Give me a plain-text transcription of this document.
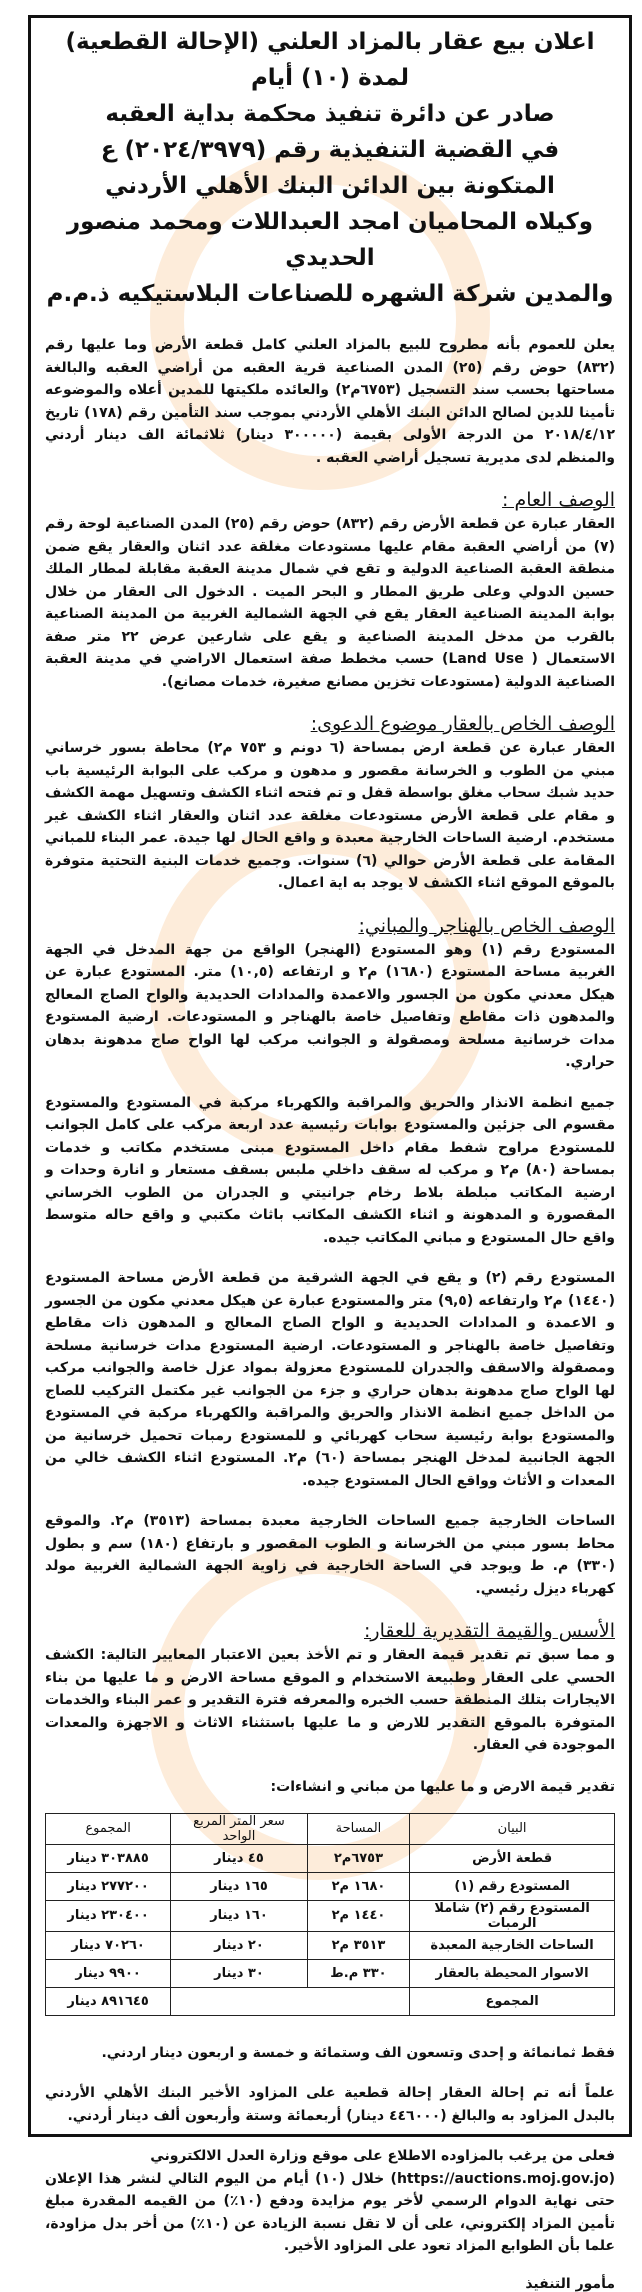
اعلان بيع عقار بالمزاد العلني (الإحالة القطعية) لمدة (١٠) أيام
صادر عن دائرة تنفيذ محكمة بداية العقبه
في القضية التنفيذية رقم (٢٠٢٤/٣٩٧٩) ع
المتكونة بين الدائن البنك الأهلي الأردني
وكيلاه المحاميان امجد العبداللات ومحمد منصور الحديدي
والمدين شركة الشهره للصناعات البلاستيكيه ذ.م.م

يعلن للعموم بأنه مطروح للبيع بالمزاد العلني كامل قطعة الأرض وما عليها رقم (٨٣٢) حوض رقم (٢٥) المدن الصناعية قرية العقبه من أراضي العقبه والبالغة مساحتها بحسب سند التسجيل (٦٧٥٣م٢) والعائده ملكيتها للمدين أعلاه والموضوعه تأمينا للدين لصالح الدائن البنك الأهلي الأردني بموجب سند التأمين رقم (١٧٨) تاريخ ٢٠١٨/٤/١٢ من الدرجة الأولى بقيمة (٣٠٠٠٠٠ دينار) ثلاثمائة الف دينار أردني والمنظم لدى مديرية تسجيل أراضي العقبه .

الوصف العام :

العقار عبارة عن قطعة الأرض رقم (٨٣٢) حوض رقم (٢٥) المدن الصناعية لوحة رقم (٧) من أراضي العقبة مقام عليها مستودعات مغلقة عدد اثنان والعقار يقع ضمن منطقة العقبة الصناعية الدولية و تقع في شمال مدينة العقبة مقابلة لمطار الملك حسين الدولي وعلى طريق المطار و البحر الميت . الدخول الى العقار من خلال بوابة المدينة الصناعية العقار يقع في الجهة الشمالية الغربية من المدينة الصناعية بالقرب من مدخل المدينة الصناعية و يقع على شارعين عرض ٢٢ متر صفة الاستعمال ( Land Use) حسب مخطط صفة استعمال الاراضي في مدينة العقبة الصناعية الدولية (مستودعات تخزين مصانع صغيرة، خدمات مصانع).

الوصف الخاص بالعقار موضوع الدعوى:

العقار عبارة عن قطعة ارض بمساحة (٦ دونم و ٧٥٣ م٢) محاطة بسور خرساني مبني من الطوب و الخرسانة مقصور و مدهون و مركب على البوابة الرئيسية باب حديد شبك سحاب مغلق بواسطة قفل و تم فتحه اثناء الكشف وتسهيل مهمة الكشف و مقام على قطعة الأرض مستودعات مغلقة عدد اثنان والعقار اثناء الكشف غير مستخدم. ارضية الساحات الخارجية معبدة و واقع الحال لها جيدة. عمر البناء للمباني المقامة على قطعة الأرض حوالي (٦) سنوات. وجميع خدمات البنية التحتية متوفرة بالموقع الموقع اثناء الكشف لا يوجد به اية اعمال.

الوصف الخاص بالهناجر والمباني:

المستودع رقم (١) وهو المستودع (الهنجر) الواقع من جهة المدخل في الجهة الغربية مساحة المستودع (١٦٨٠) م٢ و ارتفاعه (١٠,٥) متر. المستودع عبارة عن هيكل معدني مكون من الجسور والاعمدة والمدادات الحديدية والواح الصاج المعالج والمدهون ذات مقاطع وتفاصيل خاصة بالهناجر و المستودعات. ارضية المستودع مدات خرسانية مسلحة ومصقولة و الجوانب مركب لها الواح صاج مدهونة بدهان حراري.

جميع انظمة الانذار والحريق والمراقبة والكهرباء مركبة في المستودع والمستودع مقسوم الى جزئين والمستودع بوابات رئيسية عدد اربعة مركب على كامل الجوانب للمستودع مراوح شفط مقام داخل المستودع مبنى مستخدم مكاتب و خدمات بمساحة (٨٠) م٢ و مركب له سقف داخلي ملبس بسقف مستعار و انارة وحدات و ارضية المكاتب مبلطة بلاط رخام جرانيتي و الجدران من الطوب الخرساني المقصورة و المدهونة و اثناء الكشف المكاتب باثاث مكتبي و واقع حاله متوسط واقع حال المستودع و مباني المكاتب جيده.

المستودع رقم (٢) و يقع في الجهة الشرقية من قطعة الأرض مساحة المستودع (١٤٤٠) م٢ وارتفاعه (٩,٥) متر والمستودع عبارة عن هيكل معدني مكون من الجسور و الاعمدة و المدادات الحديدية و الواح الصاج المعالج و المدهون ذات مقاطع وتفاصيل خاصة بالهناجر و المستودعات. ارضية المستودع مدات خرسانية مسلحة ومصقولة والاسقف والجدران للمستودع معزولة بمواد عزل خاصة والجوانب مركب لها الواح صاج مدهونة بدهان حراري و جزء من الجوانب غير مكتمل التركيب للصاج من الداخل جميع انظمة الانذار والحريق والمراقبة والكهرباء مركبة في المستودع والمستودع بوابة رئيسية سحاب كهربائي و للمستودع رمبات تحميل خرسانية من الجهة الجانبية لمدخل الهنجر بمساحة (٦٠) م٢. المستودع اثناء الكشف خالي من المعدات و الأثاث وواقع الحال المستودع جيده.

الساحات الخارجية جميع الساحات الخارجية معبدة بمساحة (٣٥١٣) م٢. والموقع محاط بسور مبني من الخرسانة و الطوب المقصور و بارتفاع (١٨٠) سم و بطول (٣٣٠) م. ط ويوجد في الساحة الخارجية في زاوية الجهة الشمالية الغربية مولد كهرباء ديزل رئيسي.

الأسس والقيمة التقديرية للعقار:

و مما سبق تم تقدير قيمة العقار و تم الأخذ بعين الاعتبار المعايير التالية: الكشف الحسي على العقار وطبيعة الاستخدام و الموقع مساحة الارض و ما عليها من بناء الايجارات بتلك المنطقة حسب الخبره والمعرفه فترة التقدير و عمر البناء والخدمات المتوفرة بالموقع التقدير للارض و ما عليها باستثناء الاثاث و الاجهزة والمعدات الموجودة في العقار.

تقدير قيمة الارض و ما عليها من مباني و انشاءات:
البيان	المساحة	سعر المتر المربع الواحد	المجموع
قطعة الأرض	٦٧٥٣م٢	٤٥ دينار	٣٠٣٨٨٥ دينار
المستودع رقم (١)	١٦٨٠ م٢	١٦٥ دينار	٢٧٧٢٠٠ دينار
المستودع رقم (٢) شاملا الرمبات	١٤٤٠ م٢	١٦٠ دينار	٢٣٠٤٠٠ دينار
الساحات الخارجية المعبدة	٣٥١٣ م٢	٢٠ دينار	٧٠٢٦٠ دينار
الاسوار المحيطة بالعقار	٣٣٠ م.ط	٣٠ دينار	٩٩٠٠ دينار
المجموع			٨٩١٦٤٥ دينار

فقط ثمانمائة و إحدى وتسعون الف وستمائة و خمسة و اربعون دينار اردني.

علماً أنه تم إحالة العقار إحالة قطعية على المزاود الأخير البنك الأهلي الأردني بالبدل المزاود به والبالغ (٤٤٦٠٠٠ دينار) أربعمائة وستة وأربعون ألف دينار أردني.

فعلى من يرغب بالمزاوده الاطلاع على موقع وزارة العدل الالكتروني
(https://auctions.moj.gov.jo) خلال (١٠) أيام من اليوم التالي لنشر هذا الإعلان حتى نهاية الدوام الرسمي لأخر يوم مزايدة ودفع (١٠٪) من القيمه المقدرة مبلغ تأمين المزاد إلكتروني، على أن لا تقل نسبة الزيادة عن (١٠٪) من أخر بدل مزاودة، علما بأن الطوابع المزاد تعود على المزاود الأخير.

مأمور التنفيذ
